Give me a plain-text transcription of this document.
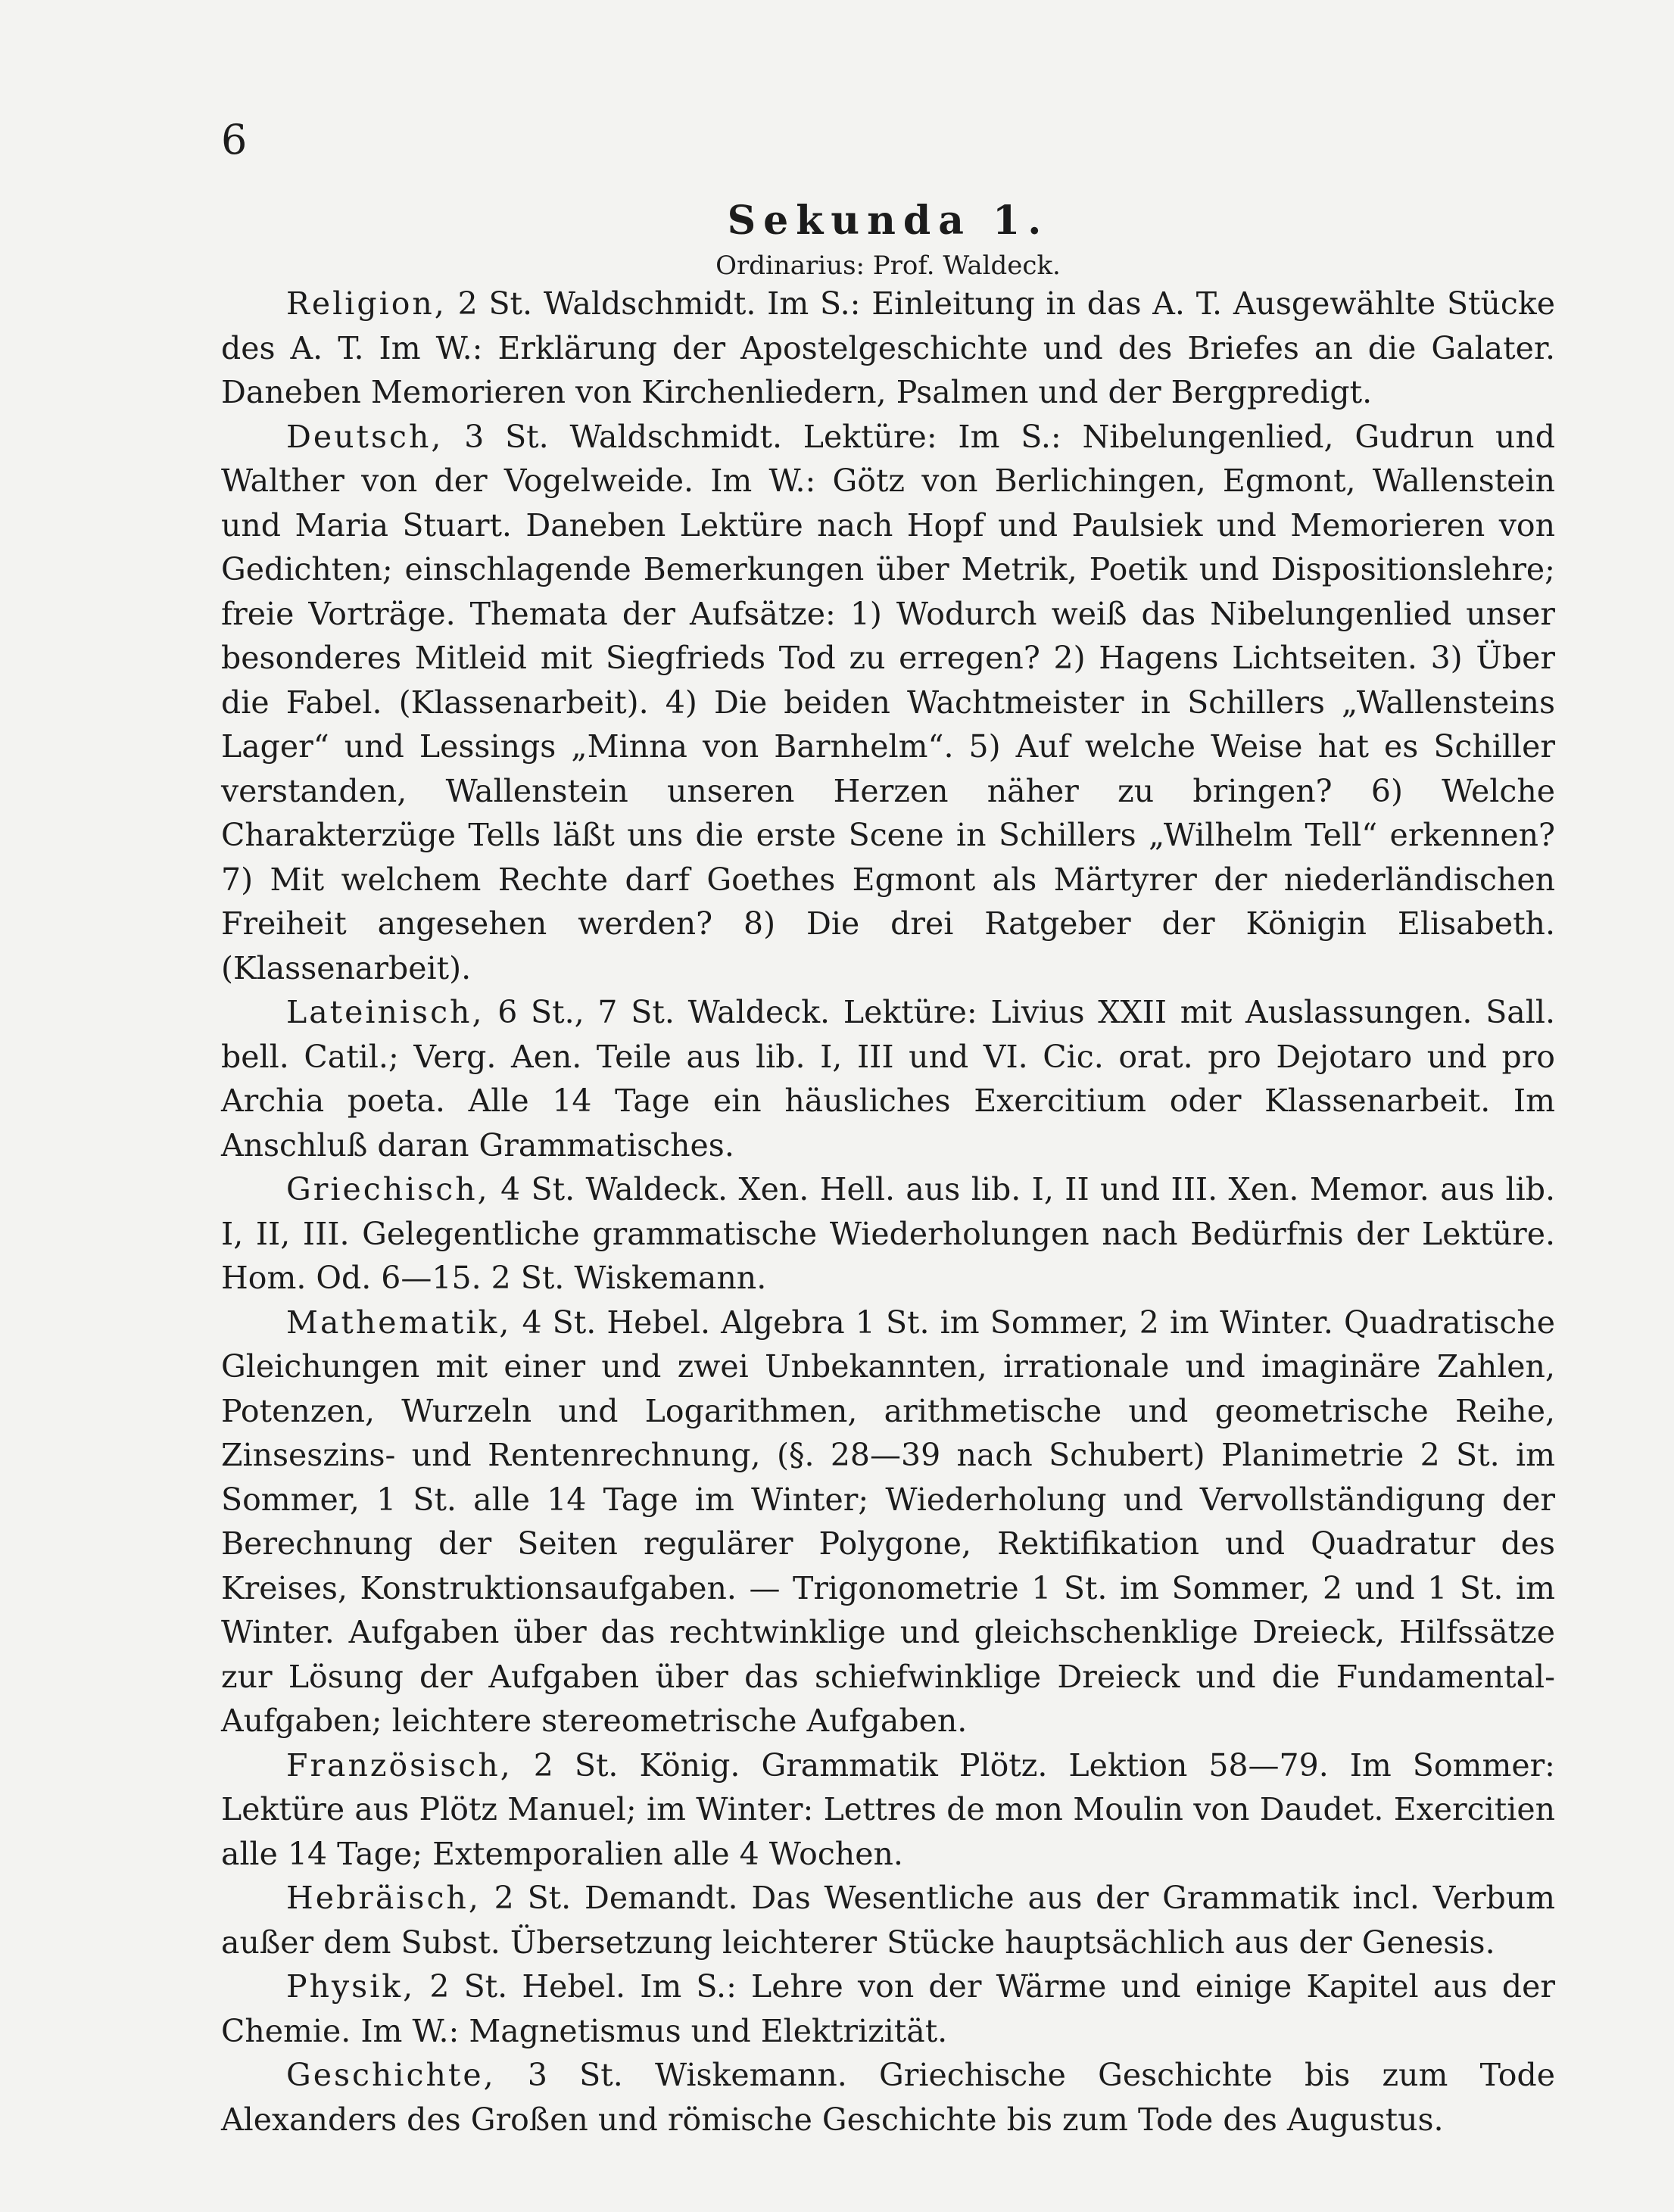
6
Sekunda 1.
Ordinarius: Prof. Waldeck.

Religion, 2 St. Waldschmidt. Im S.: Einleitung in das A. T. Ausgewählte Stücke des A. T. Im W.: Erklärung der Apostelgeschichte und des Briefes an die Galater. Daneben Memorieren von Kirchenliedern, Psalmen und der Bergpredigt.

Deutsch, 3 St. Waldschmidt. Lektüre: Im S.: Nibelungenlied, Gudrun und Walther von der Vogelweide. Im W.: Götz von Berlichingen, Egmont, Wallenstein und Maria Stuart. Daneben Lektüre nach Hopf und Paulsiek und Memorieren von Gedichten; einschlagende Bemerkungen über Metrik, Poetik und Dispositionslehre; freie Vorträge. Themata der Aufsätze: 1) Wodurch weiß das Nibelungenlied unser besonderes Mitleid mit Siegfrieds Tod zu erregen? 2) Hagens Lichtseiten. 3) Über die Fabel. (Klassenarbeit). 4) Die beiden Wachtmeister in Schillers „Wallensteins Lager“ und Lessings „Minna von Barnhelm“. 5) Auf welche Weise hat es Schiller verstanden, Wallenstein unseren Herzen näher zu bringen? 6) Welche Charakterzüge Tells läßt uns die erste Scene in Schillers „Wilhelm Tell“ erkennen? 7) Mit welchem Rechte darf Goethes Egmont als Märtyrer der niederländischen Freiheit angesehen werden? 8) Die drei Ratgeber der Königin Elisabeth. (Klassenarbeit).

Lateinisch, 6 St., 7 St. Waldeck. Lektüre: Livius XXII mit Auslassungen. Sall. bell. Catil.; Verg. Aen. Teile aus lib. I, III und VI. Cic. orat. pro Dejotaro und pro Archia poeta. Alle 14 Tage ein häusliches Exercitium oder Klassenarbeit. Im Anschluß daran Grammatisches.

Griechisch, 4 St. Waldeck. Xen. Hell. aus lib. I, II und III. Xen. Memor. aus lib. I, II, III. Gelegentliche grammatische Wiederholungen nach Bedürfnis der Lektüre. Hom. Od. 6—15. 2 St. Wiskemann.

Mathematik, 4 St. Hebel. Algebra 1 St. im Sommer, 2 im Winter. Quadratische Gleichungen mit einer und zwei Unbekannten, irrationale und imaginäre Zahlen, Potenzen, Wurzeln und Logarithmen, arithmetische und geometrische Reihe, Zinseszins- und Rentenrechnung, (§. 28—39 nach Schubert) Planimetrie 2 St. im Sommer, 1 St. alle 14 Tage im Winter; Wiederholung und Vervollständigung der Berechnung der Seiten regulärer Polygone, Rektifikation und Quadratur des Kreises, Konstruktionsaufgaben. — Trigonometrie 1 St. im Sommer, 2 und 1 St. im Winter. Aufgaben über das rechtwinklige und gleichschenklige Dreieck, Hilfssätze zur Lösung der Aufgaben über das schiefwinklige Dreieck und die Fundamental-Aufgaben; leichtere stereometrische Aufgaben.

Französisch, 2 St. König. Grammatik Plötz. Lektion 58—79. Im Sommer: Lektüre aus Plötz Manuel; im Winter: Lettres de mon Moulin von Daudet. Exercitien alle 14 Tage; Extemporalien alle 4 Wochen.

Hebräisch, 2 St. Demandt. Das Wesentliche aus der Grammatik incl. Verbum außer dem Subst. Übersetzung leichterer Stücke hauptsächlich aus der Genesis.

Physik, 2 St. Hebel. Im S.: Lehre von der Wärme und einige Kapitel aus der Chemie. Im W.: Magnetismus und Elektrizität.

Geschichte, 3 St. Wiskemann. Griechische Geschichte bis zum Tode Alexanders des Großen und römische Geschichte bis zum Tode des Augustus.
